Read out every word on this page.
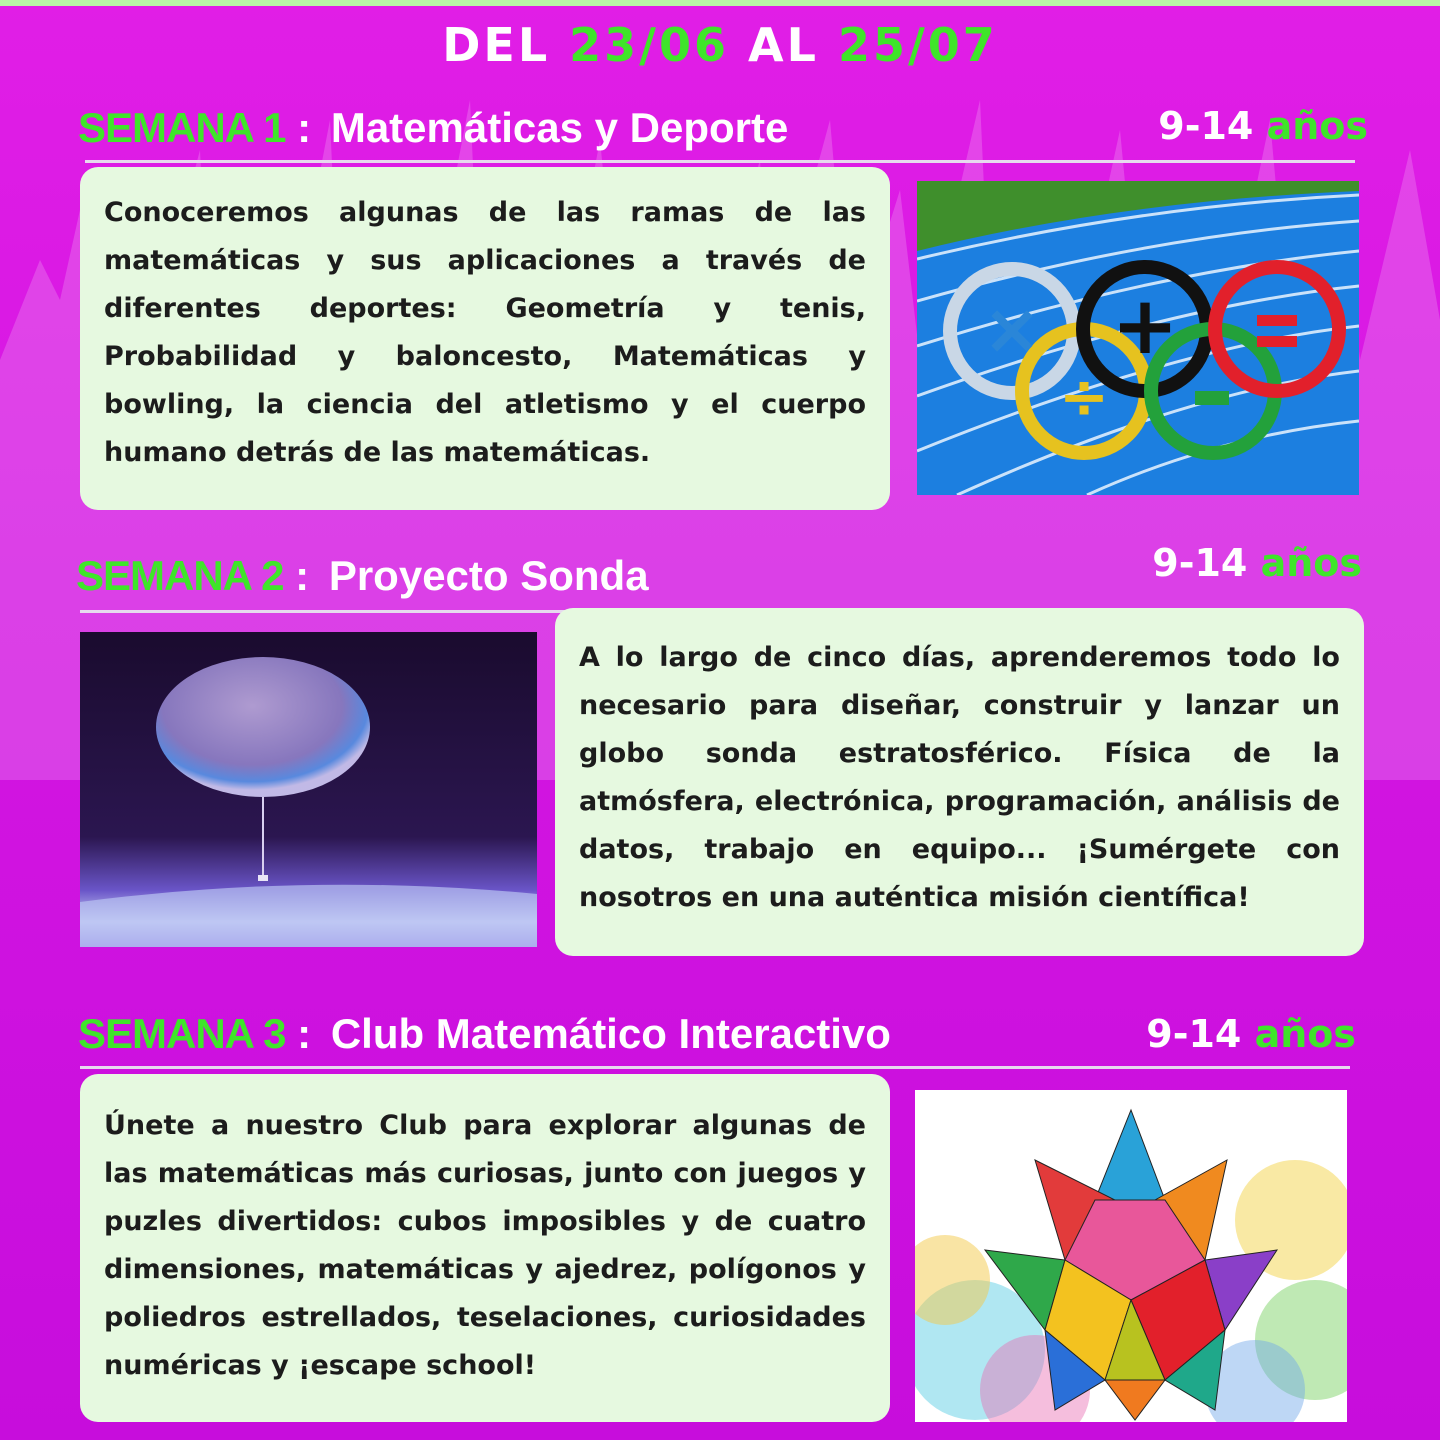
DEL 23/06 AL 25/07
SEMANA 1 : Matemáticas y Deporte	9-14 años

Conoceremos algunas de las ramas de las matemáticas y sus aplicaciones a través de diferentes deportes: Geometría y tenis, Probabilidad y baloncesto, Matemáticas y bowling, la ciencia del atletismo y el cuerpo humano detrás de las matemáticas.

× +
÷
SEMANA 2 : Proyecto Sonda	9-14 años

A lo largo de cinco días, aprenderemos todo lo necesario para diseñar, construir y lanzar un globo sonda estratosférico. Física de la atmósfera, electrónica, programación, análisis de datos, trabajo en equipo... ¡Sumérgete con nosotros en una auténtica misión científica!

SEMANA 3 : Club Matemático Interactivo	9-14 años

Únete a nuestro Club para explorar algunas de las matemáticas más curiosas, junto con juegos y puzles divertidos: cubos imposibles y de cuatro dimensiones, matemáticas y ajedrez, polígonos y poliedros estrellados, teselaciones, curiosidades numéricas y ¡escape school!
